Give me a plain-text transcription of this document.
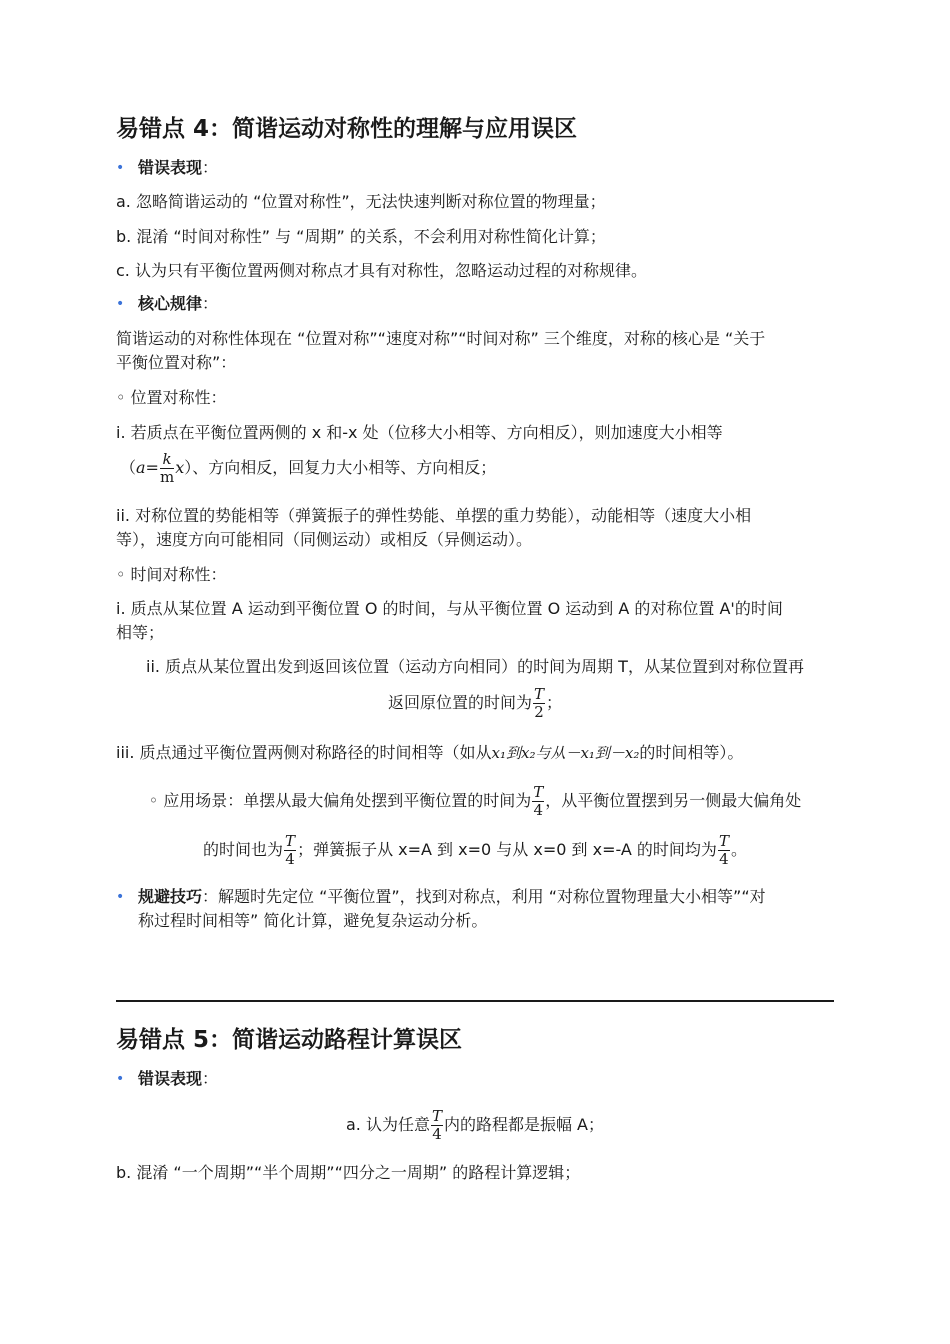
易错点 4：简谐运动对称性的理解与应用误区
• 错误表现：
a. 忽略简谐运动的 “位置对称性”，无法快速判断对称位置的物理量；
b. 混淆 “时间对称性” 与 “周期” 的关系，不会利用对称性简化计算；
c. 认为只有平衡位置两侧对称点才具有对称性，忽略运动过程的对称规律。
• 核心规律：
简谐运动的对称性体现在 “位置对称”“速度对称”“时间对称” 三个维度，对称的核心是 “关于
平衡位置对称”：
◦ 位置对称性：
i. 若质点在平衡位置两侧的 x 和-x 处（位移大小相等、方向相反），则加速度大小相等
$(a= \frac{k}{m} x)$、方向相反，回复力大小相等、方向相反；
ii. 对称位置的势能相等（弹簧振子的弹性势能、单摆的重力势能），动能相等（速度大小相
等），速度方向可能相同（同侧运动）或相反（异侧运动）。
◦ 时间对称性：
i. 质点从某位置 A 运动到平衡位置 O 的时间，与从平衡位置 O 运动到 A 的对称位置 A'的时间
相等；
ii. 质点从某位置出发到返回该位置（运动方向相同）的时间为周期 T，从某位置到对称位置再
返回原位置的时间为 $\frac{T}{2}$ ；
iii. 质点通过平衡位置两侧对称路径的时间相等（如从x₁到x₂与从－x₁到－x₂的时间相等）。
◦ 应用场景：单摆从最大偏角处摆到平衡位置的时间为 $\frac{T}{4}$ ，从平衡位置摆到另一侧最大偏角处
的时间也为 $\frac{T}{4}$ ；弹簧振子从 x=A 到 x=0 与从 x=0 到 x=-A 的时间均为 $\frac{T}{4}$ 。
• 规避技巧：解题时先定位 “平衡位置”，找到对称点，利用 “对称位置物理量大小相等”“对
称过程时间相等” 简化计算，避免复杂运动分析。
易错点 5：简谐运动路程计算误区
• 错误表现：
a. 认为任意 $\frac{T}{4}$ 内的路程都是振幅 A；
b. 混淆 “一个周期”“半个周期”“四分之一周期” 的路程计算逻辑；
